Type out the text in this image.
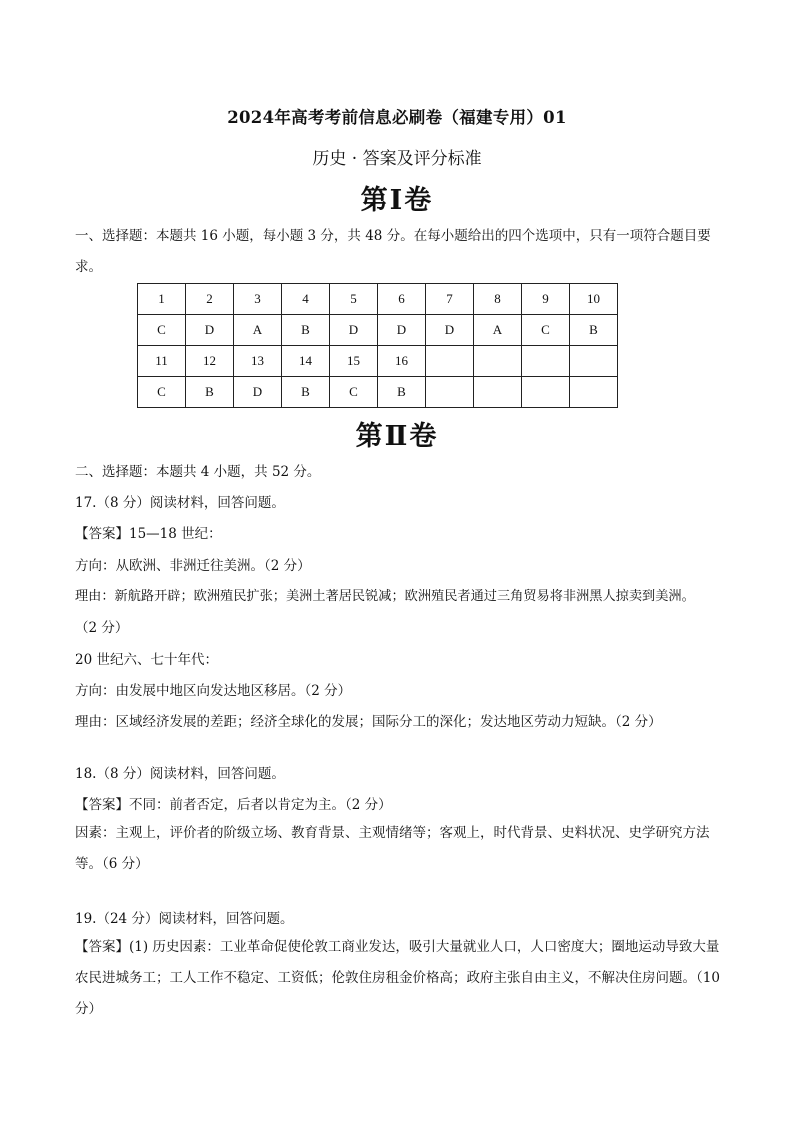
2024年高考考前信息必刷卷（福建专用）01
历史 · 答案及评分标准
第Ⅰ卷
一、选择题：本题共 16 小题，每小题 3 分，共 48 分。在每小题给出的四个选项中，只有一项符合题目要求。
1	2	3	4	5	6	7	8	9	10
C	D	A	B	D	D	D	A	C	B
11	12	13	14	15	16				
C	B	D	B	C	B				
第Ⅱ卷
二、选择题：本题共 4 小题，共 52 分。
17.（8 分）阅读材料，回答问题。
【答案】15—18 世纪：
方向：从欧洲、非洲迁往美洲。（2 分）
理由：新航路开辟；欧洲殖民扩张；美洲土著居民锐减；欧洲殖民者通过三角贸易将非洲黑人掠卖到美洲。
（2 分）
20 世纪六、七十年代：
方向：由发展中地区向发达地区移居。（2 分）
理由：区域经济发展的差距；经济全球化的发展；国际分工的深化；发达地区劳动力短缺。（2 分）
18.（8 分）阅读材料，回答问题。
【答案】不同：前者否定，后者以肯定为主。（2 分）
因素：主观上，评价者的阶级立场、教育背景、主观情绪等；客观上，时代背景、史料状况、史学研究方法等。（6 分）
19.（24 分）阅读材料，回答问题。
【答案】(1) 历史因素：工业革命促使伦敦工商业发达，吸引大量就业人口，人口密度大；圈地运动导致大量农民进城务工；工人工作不稳定、工资低；伦敦住房租金价格高；政府主张自由主义，不解决住房问题。（10 分）
